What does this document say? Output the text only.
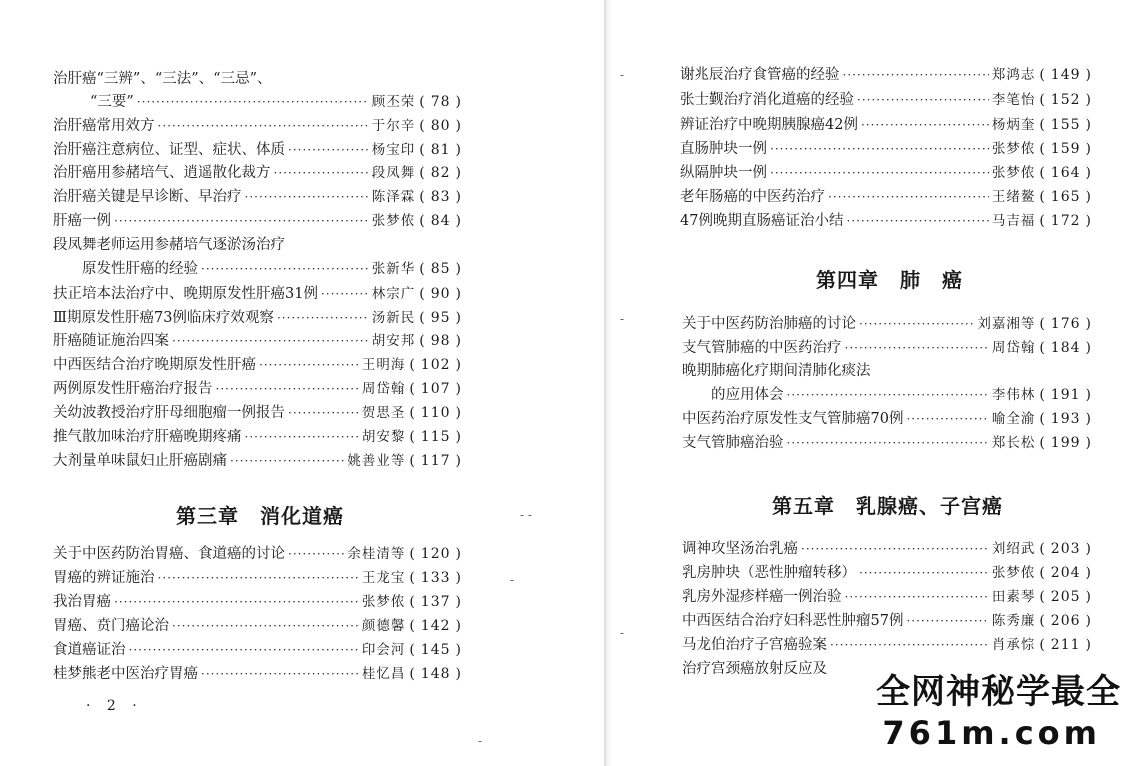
治肝癌“三辨”、“三法”、“三忌”、
“三要” ·····	顾丕荣	( 78 )
治肝癌常用效方 ·····	于尔辛	( 80 )
治肝癌注意病位、证型、症状、体质 ·····	杨宝印	( 81 )
治肝癌用参赭培气、逍遥散化裁方 ·····	段凤舞	( 82 )
治肝癌关键是早诊断、早治疗 ·····	陈泽霖	( 83 )
肝癌一例 ·····	张梦侬	( 84 )
段凤舞老师运用参赭培气逐淤汤治疗
原发性肝癌的经验 ·····	张新华	( 85 )
扶正培本法治疗中、晚期原发性肝癌31例 ·····	林宗广	( 90 )
Ⅲ期原发性肝癌73例临床疗效观察 ·····	汤新民	( 95 )
肝癌随证施治四案 ·····	胡安邦	( 98 )
中西医结合治疗晚期原发性肝癌 ·····	王明海	( 102 )
两例原发性肝癌治疗报告 ·····	周岱翰	( 107 )
关幼波教授治疗肝母细胞瘤一例报告 ·····	贺思圣	( 110 )
推气散加味治疗肝癌晚期疼痛 ·····	胡安黎	( 115 )
大剂量单味鼠妇止肝癌剧痛 ·····	姚善业等	( 117 )
第三章　消化道癌
关于中医药防治胃癌、食道癌的讨论 ·····	余桂清等	( 120 )
胃癌的辨证施治 ·····	王龙宝	( 133 )
我治胃癌 ·····	张梦侬	( 137 )
胃癌、贲门癌论治 ·····	颜德馨	( 142 )
食道癌证治 ·····	印会河	( 145 )
桂梦熊老中医治疗胃癌 ·····	桂忆昌	( 148 )
· 2 ·
‐ ‐
‐
‐
谢兆辰治疗食管癌的经验 ·····	郑鸿志	( 149 )
张士觐治疗消化道癌的经验 ·····	李笔怡	( 152 )
辨证治疗中晚期胰腺癌42例 ·····	杨炳奎	( 155 )
直肠肿块一例 ·····	张梦侬	( 159 )
纵隔肿块一例 ·····	张梦侬	( 164 )
老年肠癌的中医药治疗 ·····	王绪鳌	( 165 )
47例晚期直肠癌证治小结 ·····	马吉福	( 172 )
第四章　肺　癌
关于中医药防治肺癌的讨论 ·····	刘嘉湘等	( 176 )
支气管肺癌的中医药治疗 ·····	周岱翰	( 184 )
晚期肺癌化疗期间清肺化痰法
的应用体会 ·····	李伟林	( 191 )
中医药治疗原发性支气管肺癌70例 ·····	喻全渝	( 193 )
支气管肺癌治验 ·····	郑长松	( 199 )
第五章　乳腺癌、子宫癌
调神攻坚汤治乳癌 ·····	刘绍武	( 203 )
乳房肿块（恶性肿瘤转移） ·····	张梦侬	( 204 )
乳房外湿疹样癌一例治验 ·····	田素琴	( 205 )
中西医结合治疗妇科恶性肿瘤57例 ·····	陈秀廉	( 206 )
马龙伯治疗子宫癌验案 ·····	肖承悰	( 211 )
治疗宫颈癌放射反应及
‐
‐
‐
全网神秘学最全
761m.com
